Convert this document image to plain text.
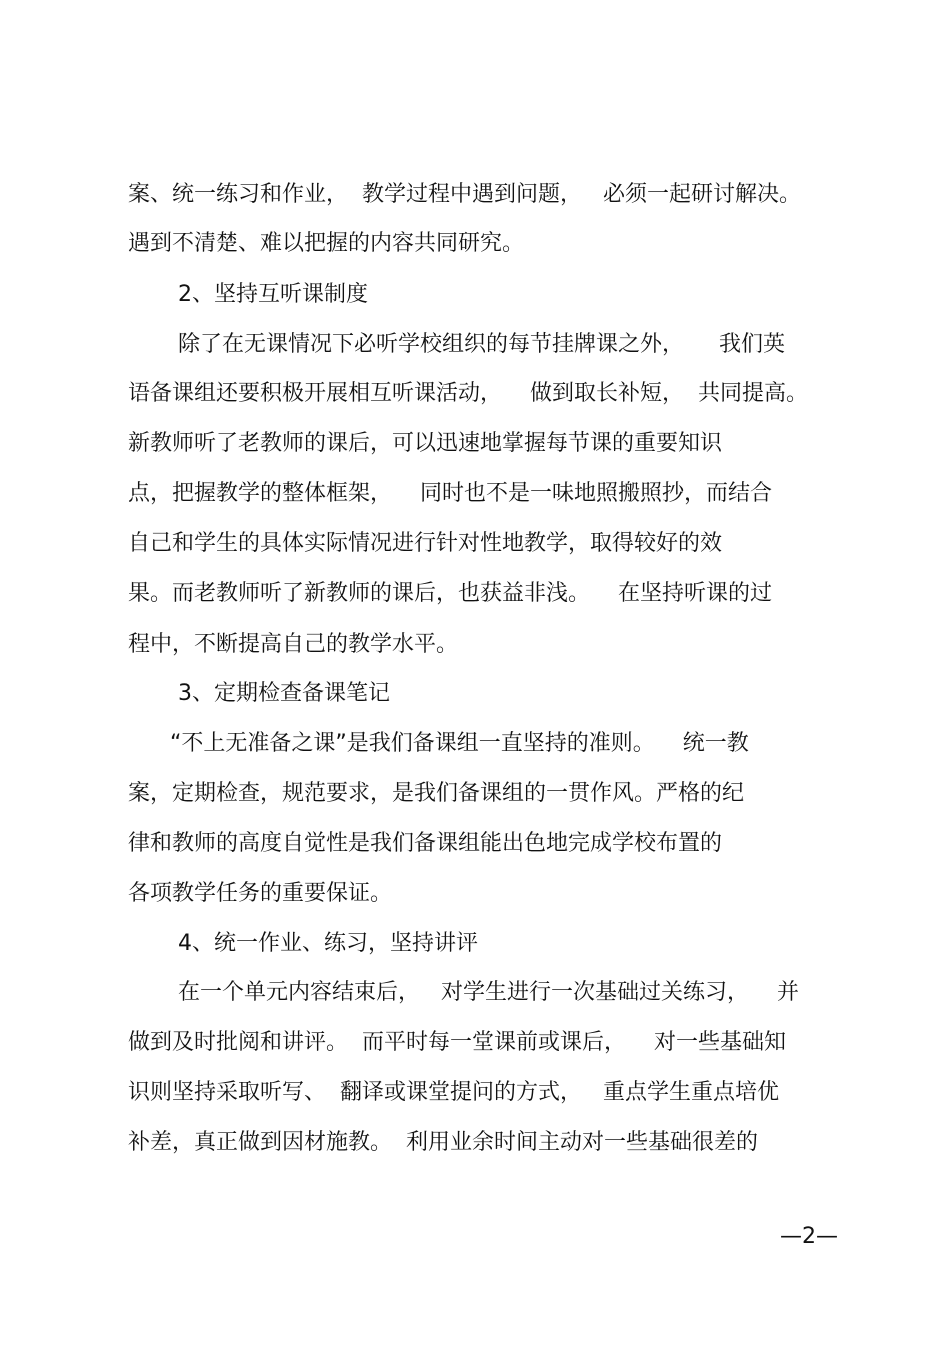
案、统一练习和作业，  教学过程中遇到问题，   必须一起研讨解决。
遇到不清楚、难以把握的内容共同研究。
2、坚持互听课制度
除了在无课情况下必听学校组织的每节挂牌课之外，     我们英
语备课组还要积极开展相互听课活动，    做到取长补短，  共同提高。
新教师听了老教师的课后，可以迅速地掌握每节课的重要知识
点，把握教学的整体框架，    同时也不是一味地照搬照抄，而结合
自己和学生的具体实际情况进行针对性地教学，取得较好的效
果。而老教师听了新教师的课后，也获益非浅。    在坚持听课的过
程中，不断提高自己的教学水平。
3、定期检查备课笔记
“不上无准备之课”是我们备课组一直坚持的准则。    统一教
案，定期检查，规范要求，是我们备课组的一贯作风。严格的纪
律和教师的高度自觉性是我们备课组能出色地完成学校布置的
各项教学任务的重要保证。
4、统一作业、练习，坚持讲评
在一个单元内容结束后，   对学生进行一次基础过关练习，    并
做到及时批阅和讲评。  而平时每一堂课前或课后，    对一些基础知
识则坚持采取听写、  翻译或课堂提问的方式，   重点学生重点培优
补差，真正做到因材施教。  利用业余时间主动对一些基础很差的
—2—
